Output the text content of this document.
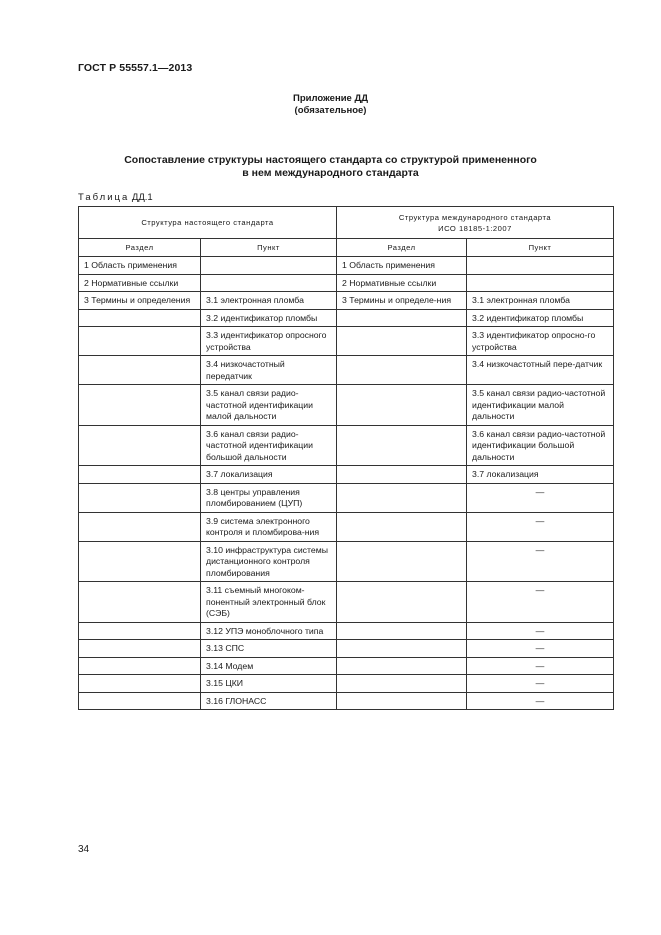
ГОСТ Р 55557.1—2013
Приложение ДД
(обязательное)
Сопоставление структуры настоящего стандарта со структурой примененного
в нем международного стандарта
Таблица ДД.1
Структура настоящего стандарта		Структура международного стандарта
ИСО 18185-1:2007	

Раздел	Пункт	Раздел	Пункт
1 Область применения		1 Область применения	
2 Нормативные ссылки		2 Нормативные ссылки	
3 Термины и определения	3.1 электронная пломба	3 Термины и определе-ния	3.1 электронная пломба
	3.2 идентификатор пломбы		3.2 идентификатор пломбы
	3.3 идентификатор опросного устройства		3.3 идентификатор опросно-го устройства
	3.4 низкочастотный передатчик		3.4 низкочастотный пере-датчик
	3.5 канал связи радио-частотной идентификации малой дальности		3.5 канал связи радио-частотной идентификации малой дальности
	3.6 канал связи радио-частотной идентификации большой дальности		3.6 канал связи радио-частотной идентификации большой дальности
	3.7 локализация		3.7 локализация
	3.8 центры управления пломбированием (ЦУП)		—
	3.9 система электронного контроля и пломбирова-ния		—
	3.10 инфраструктура системы дистанционного контроля пломбирования		—
	3.11 съемный многоком-понентный электронный блок (СЭБ)		—
	3.12 УПЭ моноблочного типа		—
	3.13 СПС		—
	3.14 Модем		—
	3.15 ЦКИ		—
	3.16 ГЛОНАСС		—
34
